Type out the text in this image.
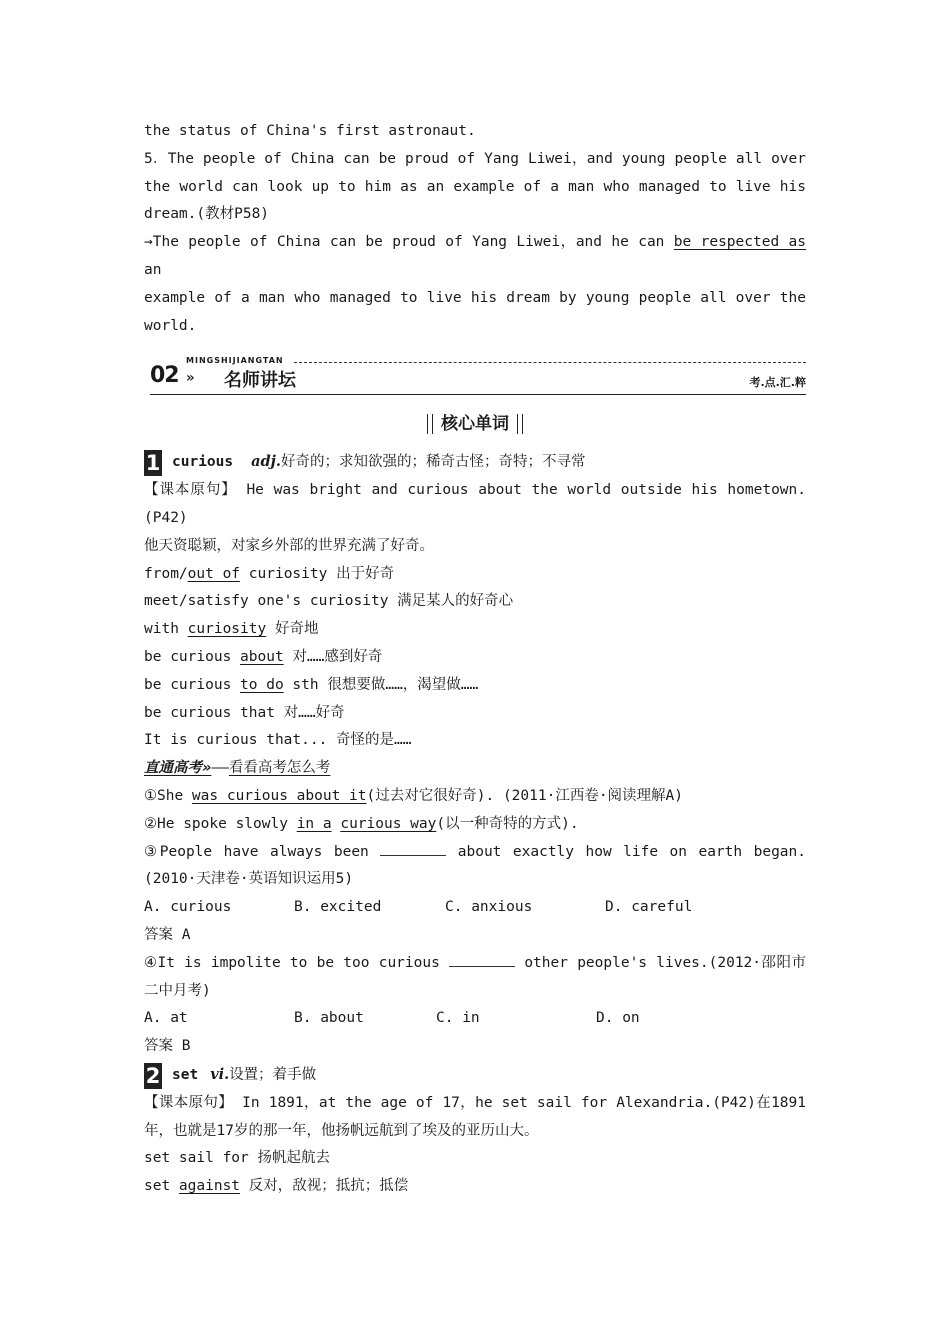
the status of China's first astronaut.
5．The people of China can be proud of Yang Liwei，and young people all over
the world can look up to him as an example of a man who managed to live his
dream.(教材P58)
→The people of China can be proud of Yang Liwei，and he can be respected as an
example of a man who managed to live his dream by young people all over the
world.
02
MINGSHIJIANGTAN
» 名师讲坛	考.点.汇.粹
核心单词
1 curious adj.好奇的；求知欲强的；稀奇古怪；奇特；不寻常
【课本原句】 He was bright and curious about the world outside his hometown.
(P42)
他天资聪颖，对家乡外部的世界充满了好奇。
from/out of curiosity 出于好奇
meet/satisfy one's curiosity 满足某人的好奇心
with curiosity 好奇地
be curious about 对……感到好奇
be curious to do sth 很想要做……，渴望做……
be curious that 对……好奇
It is curious that... 奇怪的是……
直通高考»——看看高考怎么考
①She was curious about it(过去对它很好奇). (2011·江西卷·阅读理解A)
②He spoke slowly in a curious way(以一种奇特的方式).
③People have always been	about exactly how life on earth began.
(2010·天津卷·英语知识运用5)
A. curious	B. excited	C. anxious	D. careful
答案 A
④It is impolite to be too curious	other people's lives.(2012·邵阳市
二中月考)
A. at	B. about	C. in	D. on
答案 B
2 set vi.设置；着手做
【课本原句】 In 1891，at the age of 17，he set sail for Alexandria.(P42)在1891
年，也就是17岁的那一年，他扬帆远航到了埃及的亚历山大。
set sail for 扬帆起航去
set against 反对，敌视；抵抗；抵偿
